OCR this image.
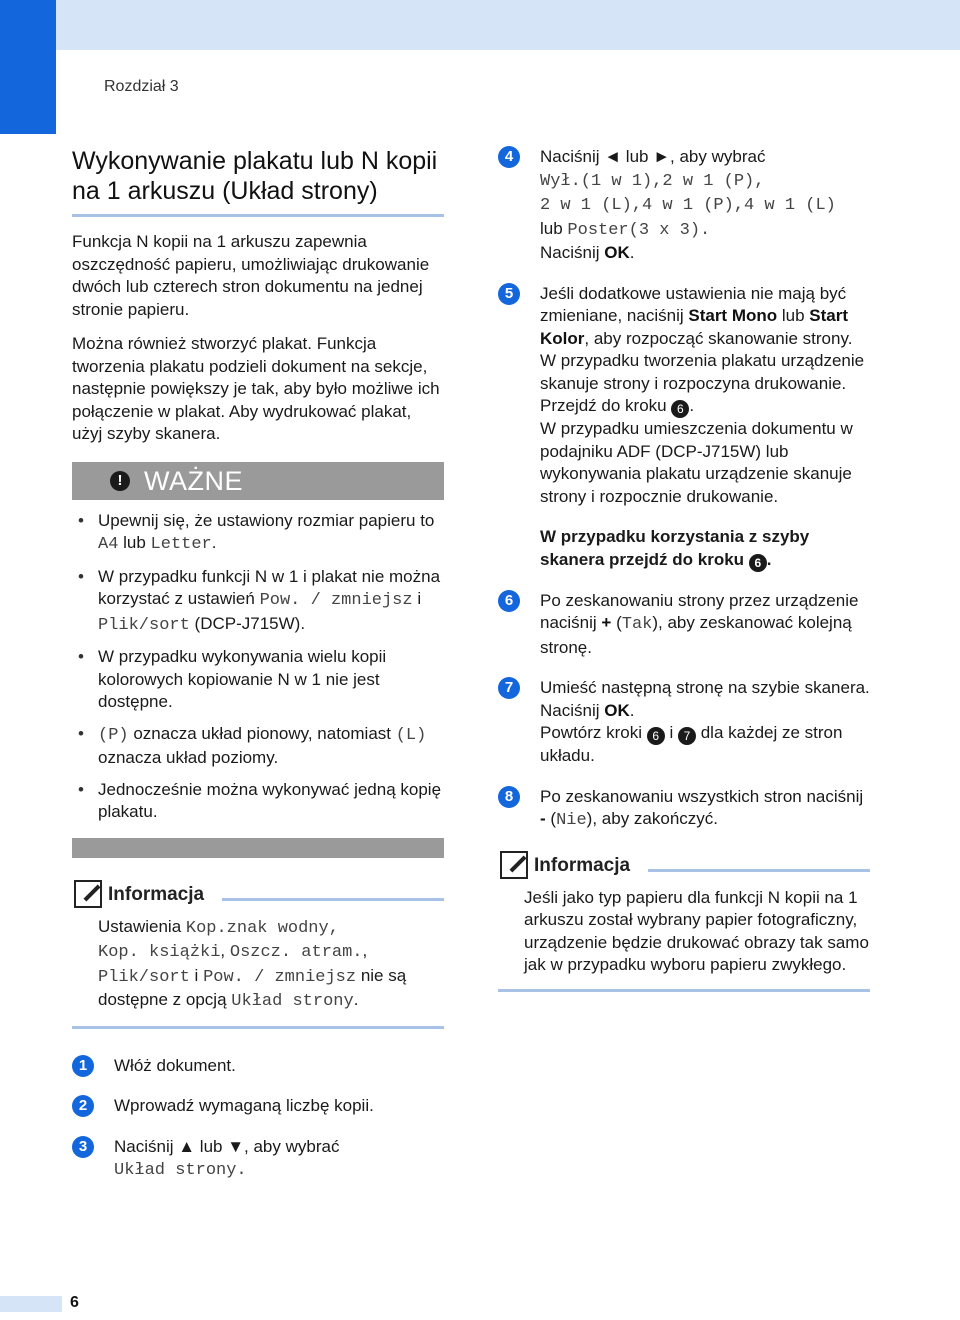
Rozdział 3
Wykonywanie plakatu lub N kopii na 1 arkuszu (Układ strony)

Funkcja N kopii na 1 arkuszu zapewnia oszczędność papieru, umożliwiając drukowanie dwóch lub czterech stron dokumentu na jednej stronie papieru.

Można również stworzyć plakat. Funkcja tworzenia plakatu podzieli dokument na sekcje, następnie powiększy je tak, aby było możliwe ich połączenie w plakat. Aby wydrukować plakat, użyj szyby skanera.

! WAŻNE
• Upewnij się, że ustawiony rozmiar papieru to A4 lub Letter.
• W przypadku funkcji N w 1 i plakat nie można korzystać z ustawień Pow. / zmniejsz i Plik/sort (DCP-J715W).
• W przypadku wykonywania wielu kopii kolorowych kopiowanie N w 1 nie jest dostępne.
• (P) oznacza układ pionowy, natomiast (L) oznacza układ poziomy.
• Jednocześnie można wykonywać jedną kopię plakatu.
Informacja
Ustawienia Kop.znak wodny,
Kop. książki, Oszcz. atram.,
Plik/sort i Pow. / zmniejsz nie są dostępne z opcją Układ strony.
1	Włóż dokument.
2	Wprowadź wymaganą liczbę kopii.
3	Naciśnij ▲ lub ▼, aby wybrać
Układ strony.
4	Naciśnij ◄ lub ►, aby wybrać
Wył.(1 w 1),2 w 1 (P),
2 w 1 (L),4 w 1 (P),4 w 1 (L)
lub Poster(3 x 3).
Naciśnij OK.
5	Jeśli dodatkowe ustawienia nie mają być zmieniane, naciśnij Start Mono lub Start Kolor, aby rozpocząć skanowanie strony.
W przypadku tworzenia plakatu urządzenie skanuje strony i rozpoczyna drukowanie.
Przejdź do kroku 6 .
W przypadku umieszczenia dokumentu w podajniku ADF (DCP-J715W) lub wykonywania plakatu urządzenie skanuje strony i rozpocznie drukowanie.
W przypadku korzystania z szyby skanera przejdź do kroku 6 .
6	Po zeskanowaniu strony przez urządzenie naciśnij + (Tak), aby zeskanować kolejną stronę.
7	Umieść następną stronę na szybie skanera.
Naciśnij OK.
Powtórz kroki 6 i 7 dla każdej ze stron układu.
8	Po zeskanowaniu wszystkich stron naciśnij - (Nie), aby zakończyć.
Informacja
Jeśli jako typ papieru dla funkcji N kopii na 1 arkuszu został wybrany papier fotograficzny, urządzenie będzie drukować obrazy tak samo jak w przypadku wyboru papieru zwykłego.
6
